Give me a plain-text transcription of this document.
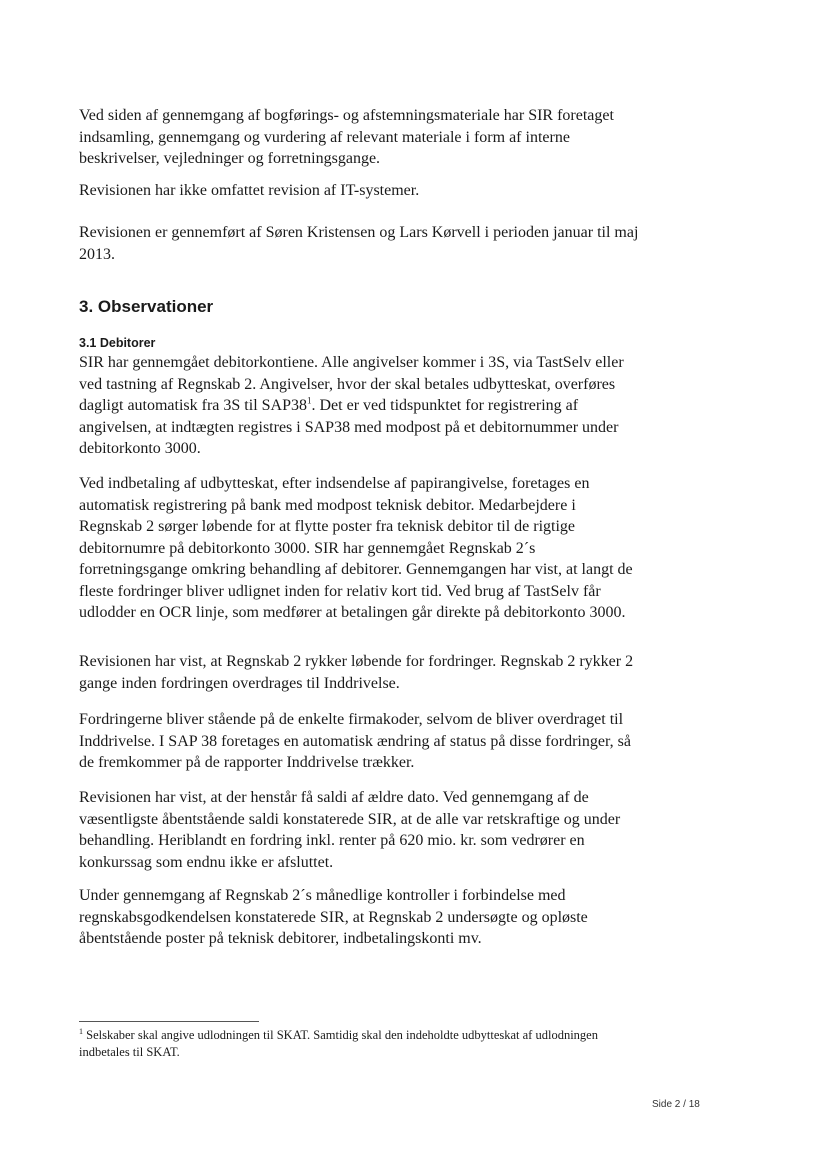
Ved siden af gennemgang af bogførings- og afstemningsmateriale har SIR foretaget indsamling, gennemgang og vurdering af relevant materiale i form af interne beskrivelser, vejledninger og forretningsgange.

Revisionen har ikke omfattet revision af IT-systemer.

Revisionen er gennemført af Søren Kristensen og Lars Kørvell i perioden januar til maj 2013.

3. Observationer
3.1 Debitorer

SIR har gennemgået debitorkontiene. Alle angivelser kommer i 3S, via TastSelv eller ved tastning af Regnskab 2. Angivelser, hvor der skal betales udbytteskat, overføres dagligt automatisk fra 3S til $SAP38^1$. Det er ved tidspunktet for registrering af angivelsen, at indtægten registres i SAP38 med modpost på et debitornummer under debitorkonto 3000.

Ved indbetaling af udbytteskat, efter indsendelse af papirangivelse, foretages en automatisk registrering på bank med modpost teknisk debitor. Medarbejdere i Regnskab 2 sørger løbende for at flytte poster fra teknisk debitor til de rigtige debitornumre på debitorkonto 3000. SIR har gennemgået Regnskab 2´s forretningsgange omkring behandling af debitorer. Gennemgangen har vist, at langt de fleste fordringer bliver udlignet inden for relativ kort tid. Ved brug af TastSelv får udlodder en OCR linje, som medfører at betalingen går direkte på debitorkonto 3000.

Revisionen har vist, at Regnskab 2 rykker løbende for fordringer. Regnskab 2 rykker 2 gange inden fordringen overdrages til Inddrivelse.

Fordringerne bliver stående på de enkelte firmakoder, selvom de bliver overdraget til Inddrivelse. I SAP 38 foretages en automatisk ændring af status på disse fordringer, så de fremkommer på de rapporter Inddrivelse trækker.

Revisionen har vist, at der henstår få saldi af ældre dato. Ved gennemgang af de væsentligste åbentstående saldi konstaterede SIR, at de alle var retskraftige og under behandling. Heriblandt en fordring inkl. renter på 620 mio. kr. som vedrører en konkurssag som endnu ikke er afsluttet.

Under gennemgang af Regnskab 2´s månedlige kontroller i forbindelse med regnskabsgodkendelsen konstaterede SIR, at Regnskab 2 undersøgte og opløste åbentstående poster på teknisk debitorer, indbetalingskonti mv.

$^1$ Selskaber skal angive udlodningen til SKAT. Samtidig skal den indeholdte udbytteskat af udlodningen indbetales til SKAT.

Side 2 / 18
